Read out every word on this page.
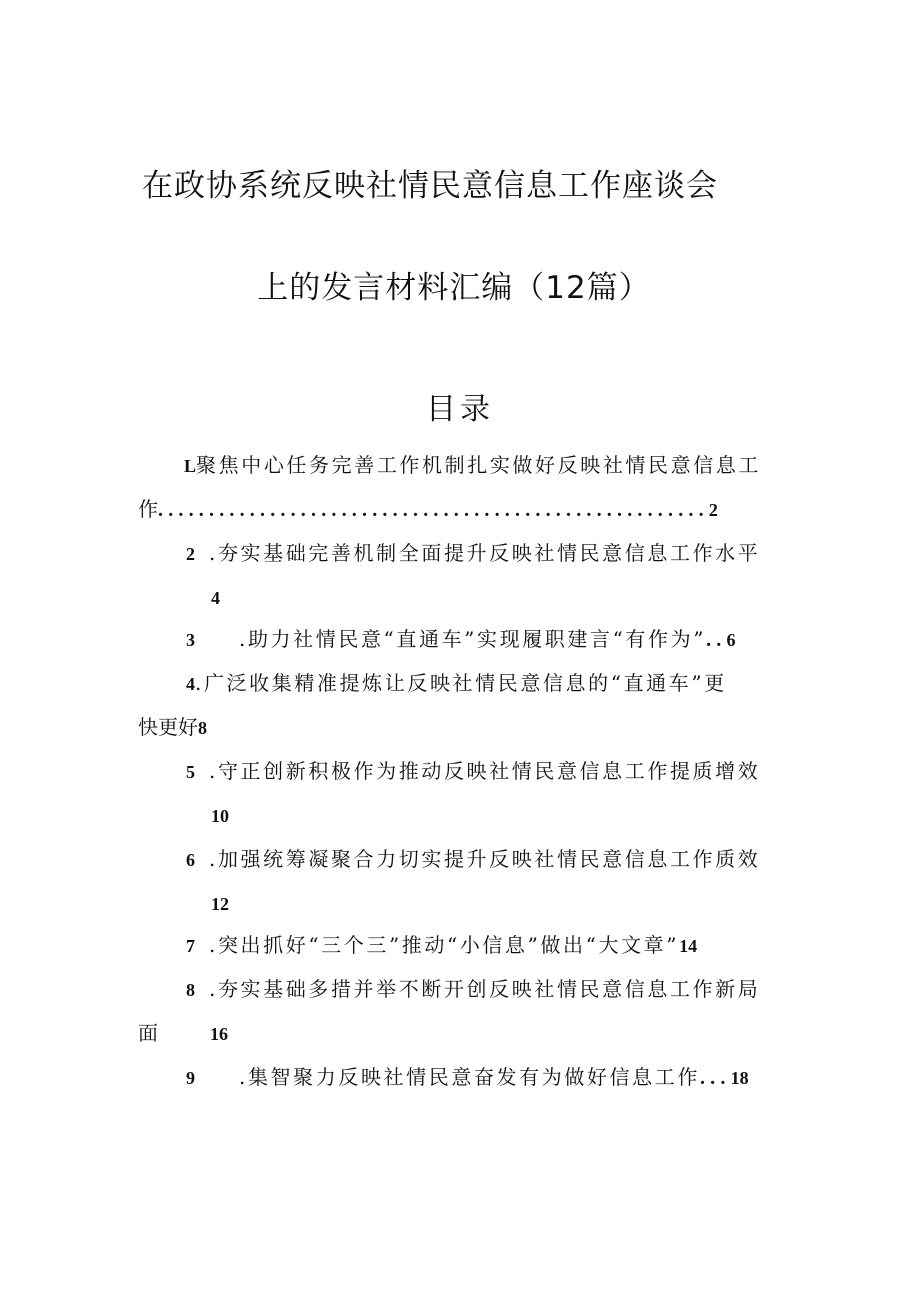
在政协系统反映社情民意信息工作座谈会
上的发言材料汇编（12篇）
目录
L聚焦中心任务完善工作机制扎实做好反映社情民意信息工
作......................................................2
2 .夯实基础完善机制全面提升反映社情民意信息工作水平
4
3 .助力社情民意“直通车”实现履职建言“有作为”..6
4.广泛收集精准提炼让反映社情民意信息的“直通车”更
快更好8
5 .守正创新积极作为推动反映社情民意信息工作提质增效
10
6 .加强统筹凝聚合力切实提升反映社情民意信息工作质效
12
7 .突出抓好“三个三”推动“小信息”做出“大文章”14
8 .夯实基础多措并举不断开创反映社情民意信息工作新局
面	16
9 .集智聚力反映社情民意奋发有为做好信息工作...18
